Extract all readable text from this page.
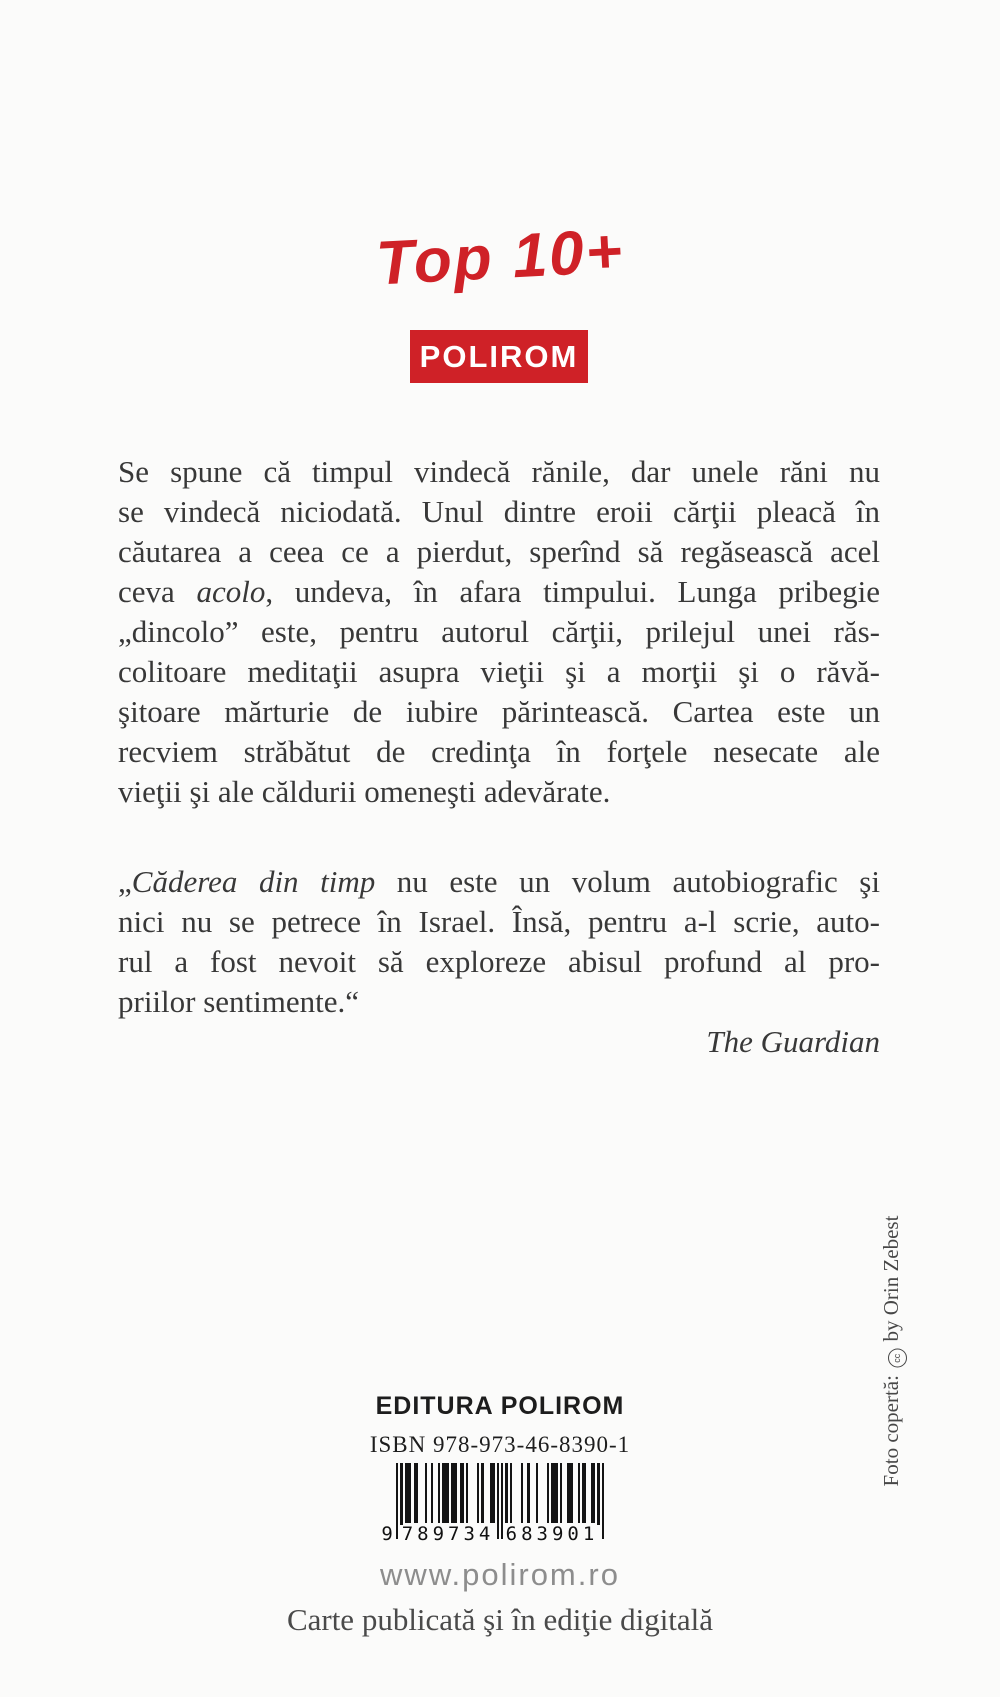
Top 10+
POLIROM
Se spune că timpul vindecă rănile, dar unele răni nu
se vindecă niciodată. Unul dintre eroii cărţii pleacă în
căutarea a ceea ce a pierdut, sperînd să regăsească acel
ceva acolo, undeva, în afara timpului. Lunga pribegie
„dincolo” este, pentru autorul cărţii, prilejul unei răs-
colitoare meditaţii asupra vieţii şi a morţii şi o răvă-
şitoare mărturie de iubire părintească. Cartea este un
recviem străbătut de credinţa în forţele nesecate ale
vieţii şi ale căldurii omeneşti adevărate.
„Căderea din timp nu este un volum autobiografic şi
nici nu se petrece în Israel. Însă, pentru a-l scrie, auto-
rul a fost nevoit să exploreze abisul profund al pro-
priilor sentimente.“
The Guardian
EDITURA POLIROM
ISBN 978-973-46-8390-1
9 789734 683901
www.polirom.ro
Carte publicată şi în ediţie digitală
Foto copertă: cc by Orin Zebest
